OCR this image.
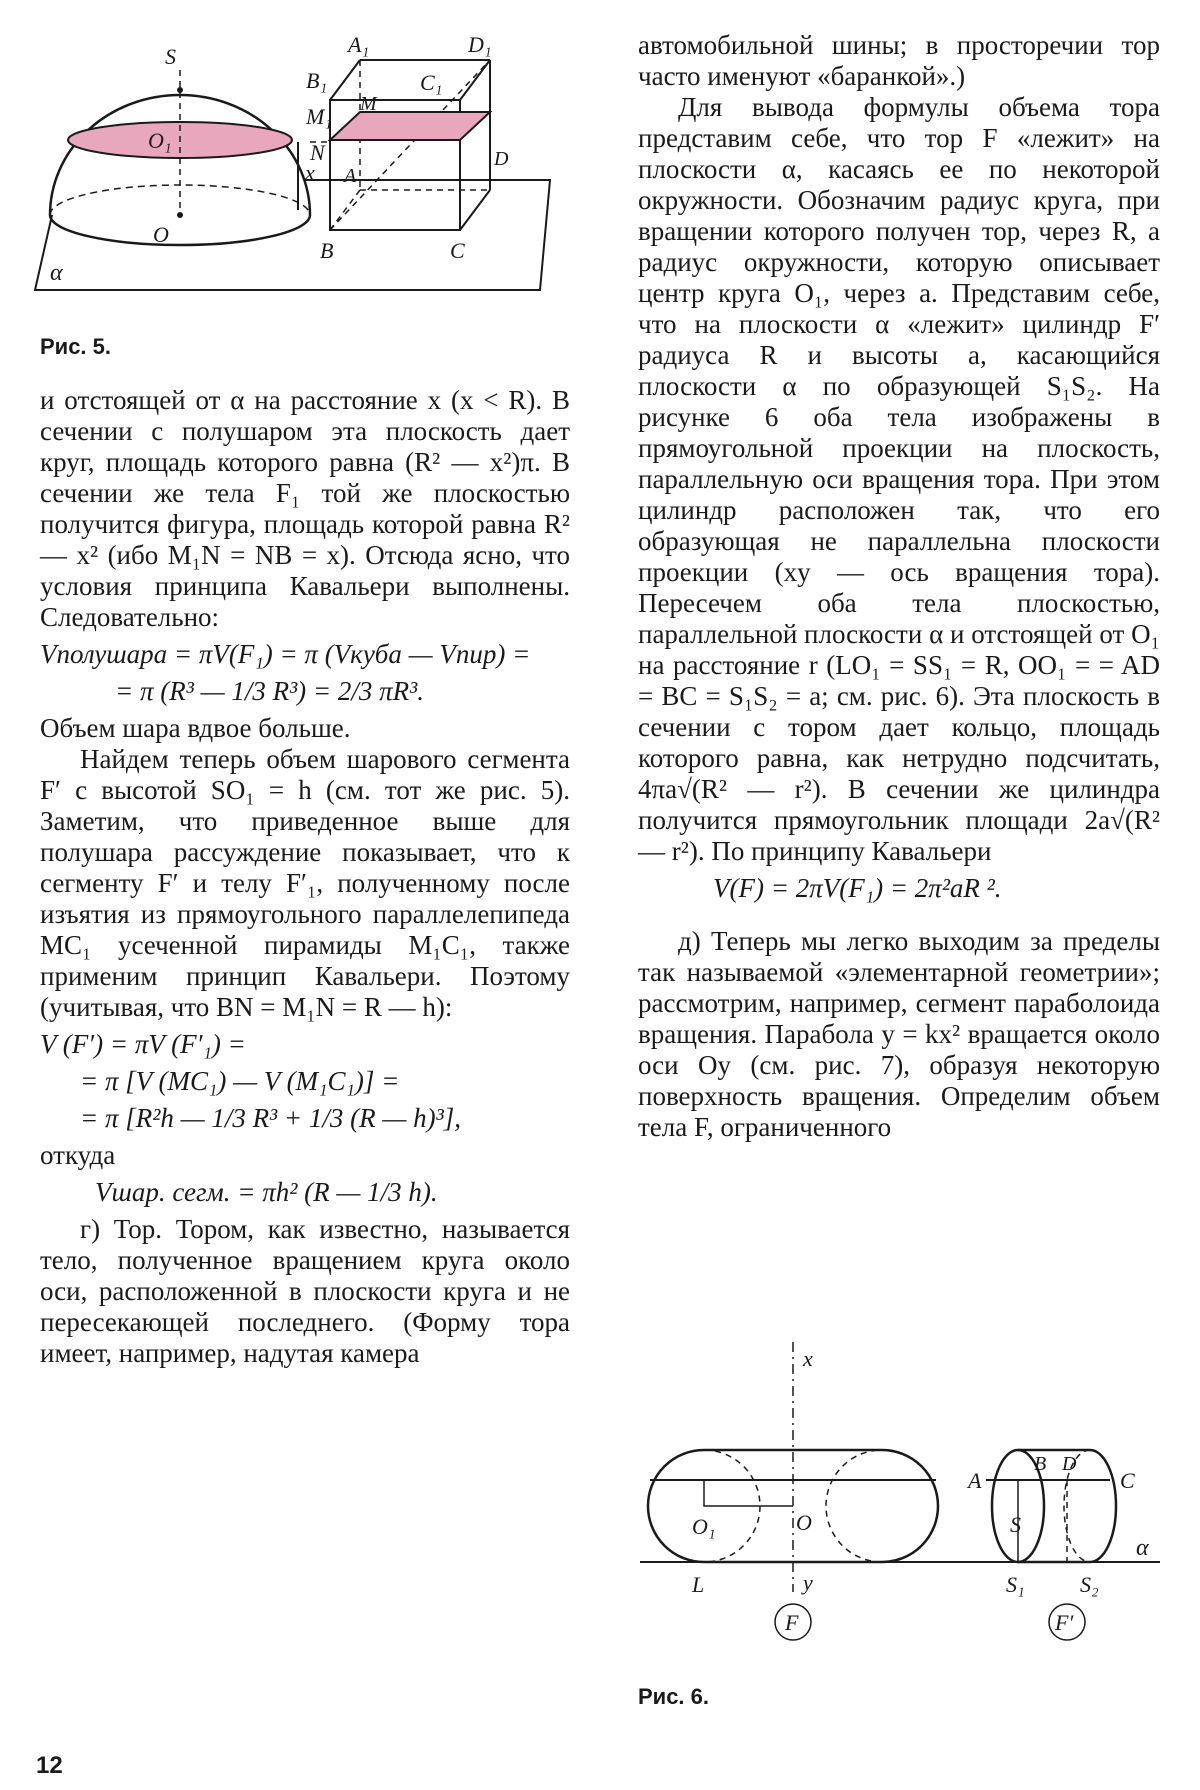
S
O₁
O
α
A₁	D₁
B₁	C₁
M₁ M
N
x A
D
B	C
Рис. 5.

и отстоящей от α на расстояние x (x < R). В сечении с полушаром эта плоскость дает круг, площадь которого равна (R² — x²)π. В сечении же тела F₁ той же плоскостью получится фигура, площадь которой равна R² — x² (ибо M₁N = NB = x). Отсюда ясно, что условия принципа Кавальери выполнены. Следовательно:

Vполушара = πV(F₁) = π (Vкуба — Vпир) =
= π (R³ — 1/3 R³) = 2/3 πR³.

Объем шара вдвое больше.

Найдем теперь объем шарового сегмента F′ с высотой SO₁ = h (см. тот же рис. 5). Заметим, что приведенное выше для полушара рассуждение показывает, что к сегменту F′ и телу F′₁, полученному после изъятия из прямоугольного параллелепипеда MC₁ усеченной пирамиды M₁C₁, также применим принцип Кавальери. Поэтому (учитывая, что BN = M₁N = R — h):

V (F′) = πV (F′₁) =
= π [V (MC₁) — V (M₁C₁)] =
= π [R²h — 1/3 R³ + 1/3 (R — h)³],

откуда

Vшар. сегм. = πh² (R — 1/3 h).

г) Тор. Тором, как известно, называется тело, полученное вращением круга около оси, расположенной в плоскости круга и не пересекающей последнего. (Форму тора имеет, например, надутая камера

автомобильной шины; в просторечии тор часто именуют «баранкой».)

Для вывода формулы объема тора представим себе, что тор F «лежит» на плоскости α, касаясь ее по некоторой окружности. Обозначим радиус круга, при вращении которого получен тор, через R, а радиус окружности, которую описывает центр круга O₁, через a. Представим себе, что на плоскости α «лежит» цилиндр F′ радиуса R и высоты a, касающийся плоскости α по образующей S₁S₂. На рисунке 6 оба тела изображены в прямоугольной проекции на плоскость, параллельную оси вращения тора. При этом цилиндр расположен так, что его образующая не параллельна плоскости проекции (xy — ось вращения тора). Пересечем оба тела плоскостью, параллельной плоскости α и отстоящей от O₁ на расстояние r (LO₁ = SS₁ = R, OO₁ = = AD = BC = S₁S₂ = a; см. рис. 6). Эта плоскость в сечении с тором дает кольцо, площадь которого равна, как нетрудно подсчитать, 4πa√(R² — r²). В сечении же цилиндра получится прямоугольник площади 2a√(R² — r²). По принципу Кавальери

V(F) = 2πV(F₁) = 2π²aR ².

д) Теперь мы легко выходим за пределы так называемой «элементарной геометрии»; рассмотрим, например, сегмент параболоида вращения. Парабола y = kx² вращается около оси Oy (см. рис. 7), образуя некоторую поверхность вращения. Определим объем тела F, ограниченного

x
y
O₁	O
L
F
A
B D
C
S
S₁	S₂
α
F′
Рис. 6.
12
